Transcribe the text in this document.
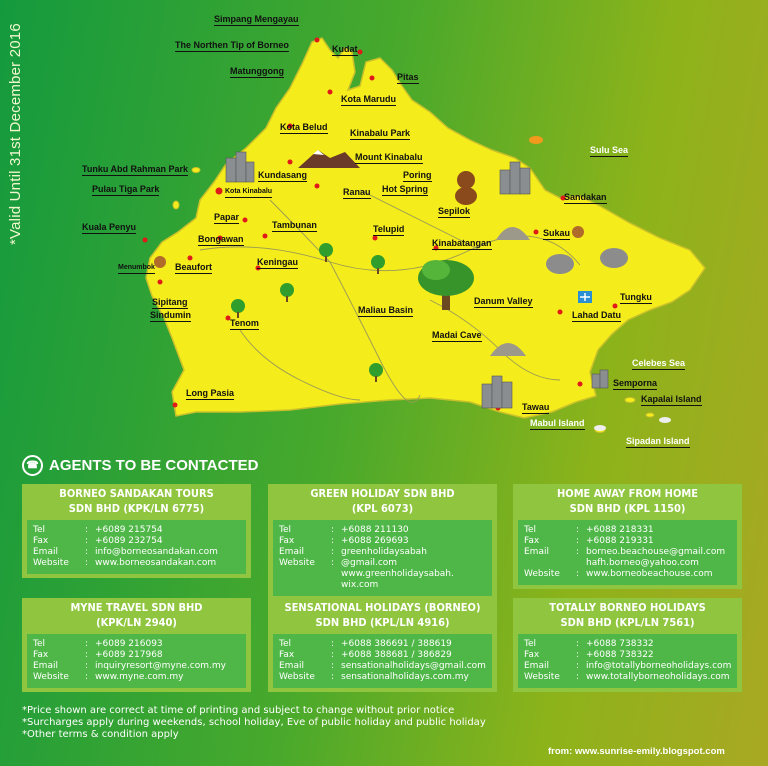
*Valid Until 31st December 2016
Simpang Mengayau
The Northen Tip of Borneo	Kudat
Matunggong
Pitas
Kota Marudu
Kota Belud
Kinabalu Park
Sulu Sea
Tunku Abd Rahman Park
Mount Kinabalu
Kundasang	Poring
Hot Spring
Ranau
Pulau Tiga Park	Kota Kinabalu
Sandakan
Sepilok
Papar
Tambunan	Telupid	Sukau
Kuala Penyu
Bongawan	Kinabatangan
Menumbok Beaufort	Keningau
Danum Valley	Tungku
Sipitang
Maliau Basin	Lahad Datu
Sindumin
Tenom
Madai Cave
Celebes Sea
Semporna
Long Pasia
Kapalai Island
Tawau
Mabul Island
Sipadan Island
☎ AGENTS TO BE CONTACTED
BORNEO SANDAKAN TOURS
SDN BHD (KPK/LN 6775)
Tel	: +6089 215754
Fax	: +6089 232754
Email	: info@borneosandakan.com
Website	: www.borneosandakan.com
GREEN HOLIDAY SDN BHD
(KPL 6073)
Tel	: +6088 211130
Fax	: +6088 269693
Email	: greenholidaysabah
Website	: @gmail.com
www.greenholidaysabah.
wix.com
HOME AWAY FROM HOME
SDN BHD (KPL 1150)
Tel	: +6088 218331
Fax	: +6088 219331
Email	: borneo.beachouse@gmail.com
hafh.borneo@yahoo.com
Website	: www.borneobeachouse.com
MYNE TRAVEL SDN BHD
(KPK/LN 2940)
Tel	: +6089 216093
Fax	: +6089 217968
Email	: inquiryresort@myne.com.my
Website	: www.myne.com.my
SENSATIONAL HOLIDAYS (BORNEO)
SDN BHD (KPL/LN 4916)
Tel	: +6088 386691 / 388619
Fax	: +6088 388681 / 386829
Email	: sensationalholidays@gmail.com
Website	: sensationalholidays.com.my
TOTALLY BORNEO HOLIDAYS
SDN BHD (KPL/LN 7561)
Tel	: +6088 738332
Fax	: +6088 738322
Email	: info@totallyborneoholidays.com
Website	: www.totallyborneoholidays.com
*Price shown are correct at time of printing and subject to change without prior notice
*Surcharges apply during weekends, school holiday, Eve of public holiday and public holiday
*Other terms & condition apply
from: www.sunrise-emily.blogspot.com
